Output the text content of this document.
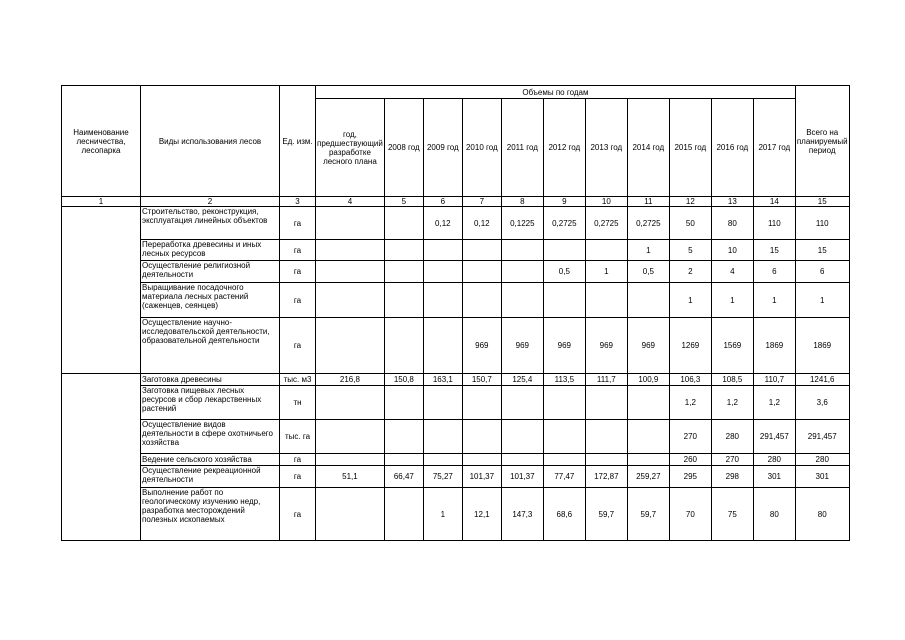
Наименование лесничества, лесопарка	Виды использования лесов	Ед. изм.	Объемы по годам											Всего на планируемый период
			год, предшествующий разработке лесного плана	2008 год	2009 год	2010 год	2011 год	2012 год	2013 год	2014 год	2015 год	2016 год	2017 год	
1	2	3	4	5	6	7	8	9	10	11	12	13	14	15
	Строительство, реконструкция, эксплуатация линейных объектов	га			0,12	0,12	0,1225	0,2725	0,2725	0,2725	50	80	110	110
	Переработка древесины и иных лесных ресурсов	га								1	5	10	15	15
	Осуществление религиозной деятельности	га						0,5	1	0,5	2	4	6	6
	Выращивание посадочного материала лесных растений (саженцев, сеянцев)	га									1	1	1	1
	Осуществление научно-исследовательской деятельности, образовательной деятельности	га				969	969	969	969	969	1269	1569	1869	1869
	Заготовка древесины	тыс. м3	216,8	150,8	163,1	150,7	125,4	113,5	111,7	100,9	106,3	108,5	110,7	1241,6
	Заготовка пищевых лесных ресурсов и сбор лекарственных растений	тн									1,2	1,2	1,2	3,6
	Осуществление видов деятельности в сфере охотничьего хозяйства	тыс. га									270	280	291,457	291,457
	Ведение сельского хозяйства	га									260	270	280	280
	Осуществление рекреационной деятельности	га	51,1	66,47	75,27	101,37	101,37	77,47	172,87	259,27	295	298	301	301
	Выполнение работ по геологическому изучению недр, разработка месторождений полезных ископаемых	га			1	12,1	147,3	68,6	59,7	59,7	70	75	80	80
